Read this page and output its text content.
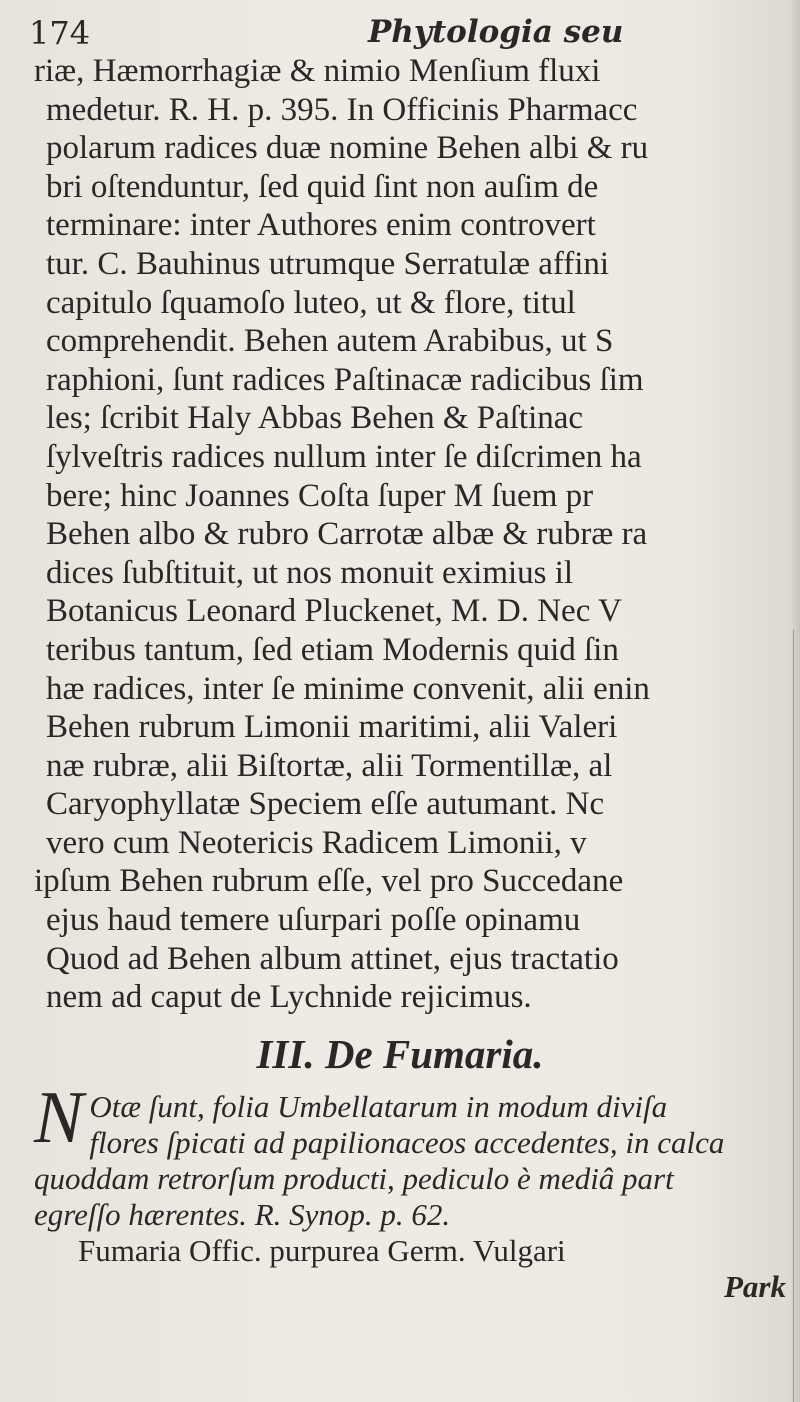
174	Phytologia seu
riæ, Hæmorrhagiæ & nimio Menſium fluxi
medetur. R. H. p. 395. In Officinis Pharmacc
polarum radices duæ nomine Behen albi & ru
bri oſtenduntur, ſed quid ſint non auſim de
terminare: inter Authores enim controvert
tur. C. Bauhinus utrumque Serratulæ affini
capitulo ſquamoſo luteo, ut & flore, titul
comprehendit. Behen autem Arabibus, ut S
raphioni, ſunt radices Paſtinacæ radicibus ſim
les; ſcribit Haly Abbas Behen & Paſtinac
ſylveſtris radices nullum inter ſe diſcrimen ha
bere; hinc Joannes Coſta ſuper M ſuem pr
Behen albo & rubro Carrotæ albæ & rubræ ra
dices ſubſtituit, ut nos monuit eximius il
Botanicus Leonard Pluckenet, M. D. Nec V
teribus tantum, ſed etiam Modernis quid ſin
hæ radices, inter ſe minime convenit, alii enin
Behen rubrum Limonii maritimi, alii Valeri
næ rubræ, alii Biſtortæ, alii Tormentillæ, al
Caryophyllatæ Speciem eſſe autumant. Nc
vero cum Neotericis Radicem Limonii, v
ipſum Behen rubrum eſſe, vel pro Succedane
ejus haud temere uſurpari poſſe opinamu
Quod ad Behen album attinet, ejus tractatio
nem ad caput de Lychnide rejicimus.
III. De Fumaria.
N Otæ ſunt, folia Umbellatarum in modum diviſa
flores ſpicati ad papilionaceos accedentes, in calca
quoddam retrorſum producti, pediculo è mediâ part
egreſſo hærentes. R. Synop. p. 62.
Fumaria Offic. purpurea Germ. Vulgari
Park
